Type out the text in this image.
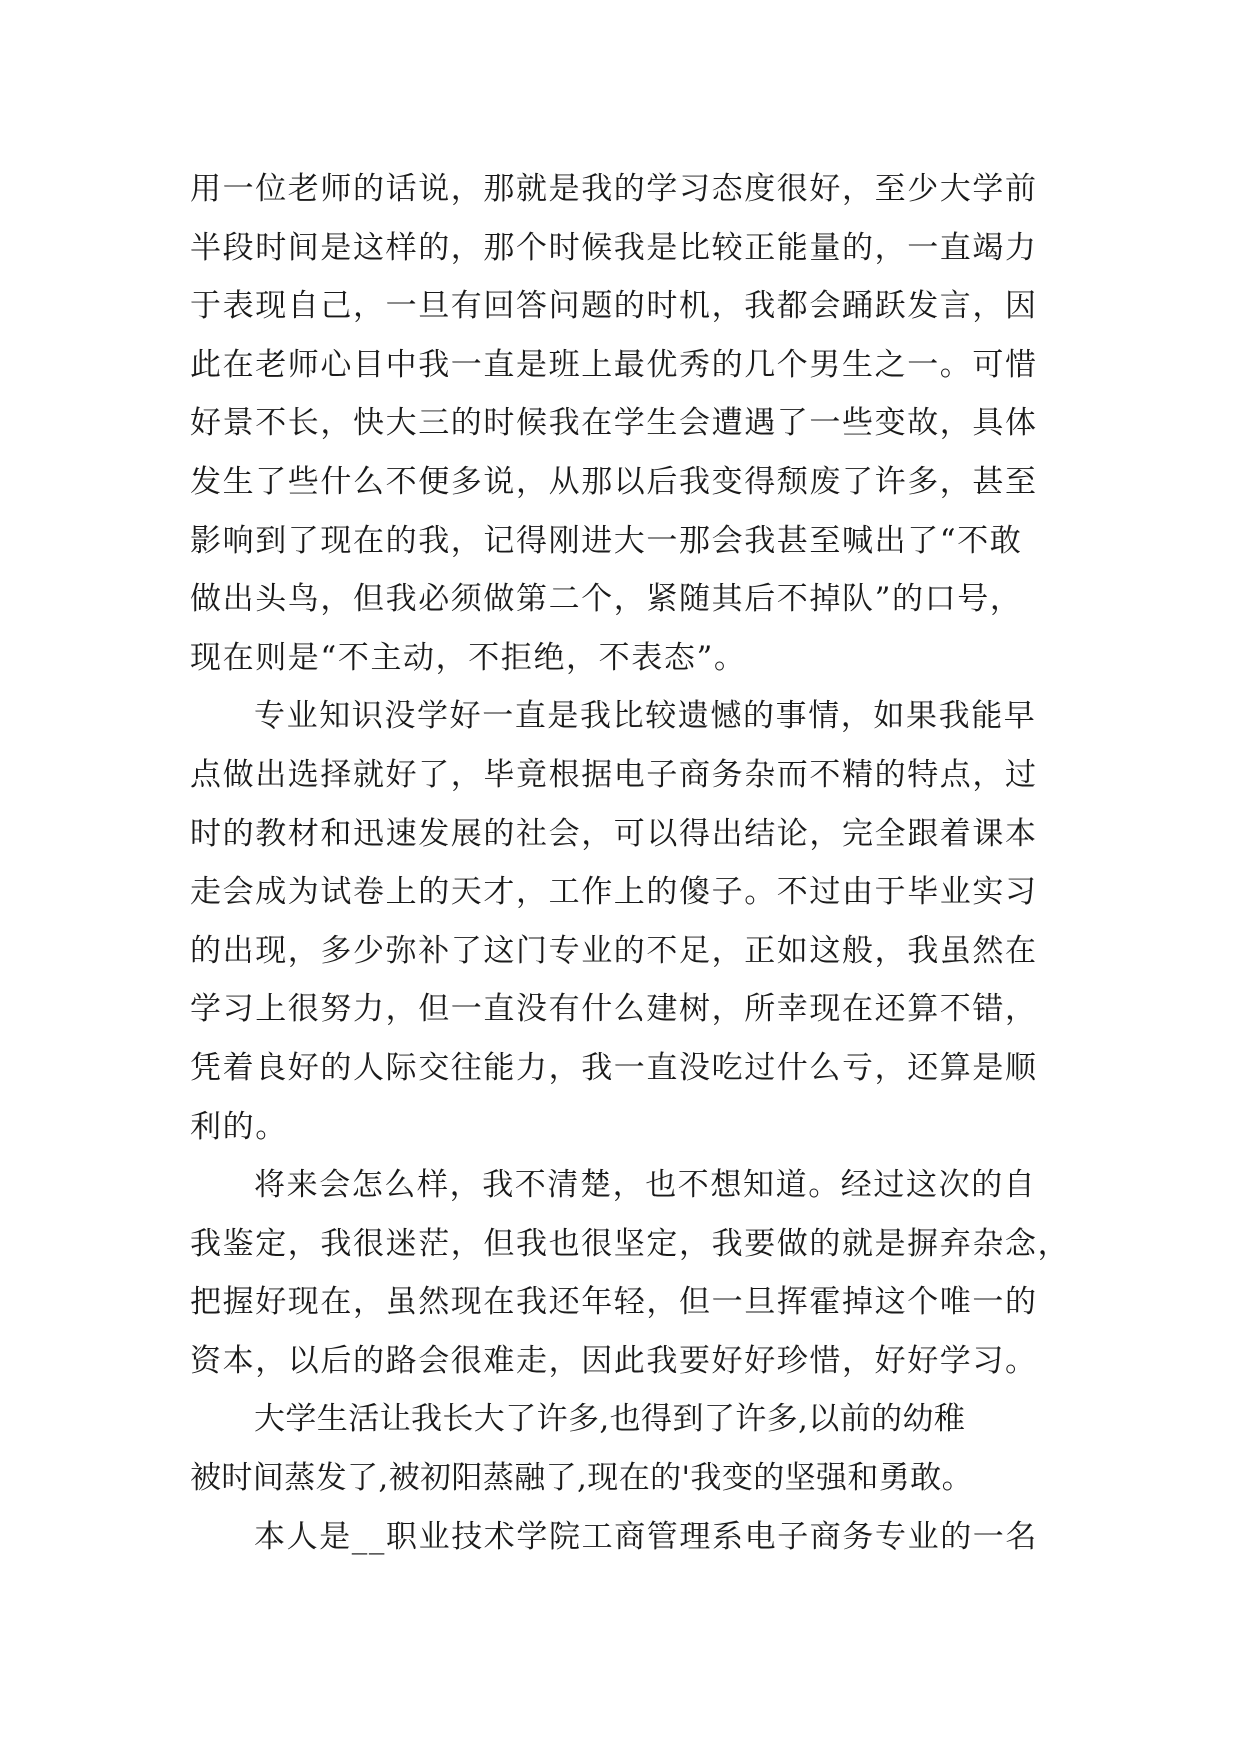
用一位老师的话说，那就是我的学习态度很好，至少大学前
半段时间是这样的，那个时候我是比较正能量的，一直竭力
于表现自己，一旦有回答问题的时机，我都会踊跃发言，因
此在老师心目中我一直是班上最优秀的几个男生之一。可惜
好景不长，快大三的时候我在学生会遭遇了一些变故，具体
发生了些什么不便多说，从那以后我变得颓废了许多，甚至
影响到了现在的我，记得刚进大一那会我甚至喊出了“不敢
做出头鸟，但我必须做第二个，紧随其后不掉队”的口号，
现在则是“不主动，不拒绝，不表态”。
专业知识没学好一直是我比较遗憾的事情，如果我能早
点做出选择就好了，毕竟根据电子商务杂而不精的特点，过
时的教材和迅速发展的社会，可以得出结论，完全跟着课本
走会成为试卷上的天才，工作上的傻子。不过由于毕业实习
的出现，多少弥补了这门专业的不足，正如这般，我虽然在
学习上很努力，但一直没有什么建树，所幸现在还算不错，
凭着良好的人际交往能力，我一直没吃过什么亏，还算是顺
利的。
将来会怎么样，我不清楚，也不想知道。经过这次的自
我鉴定，我很迷茫，但我也很坚定，我要做的就是摒弃杂念，
把握好现在，虽然现在我还年轻，但一旦挥霍掉这个唯一的
资本，以后的路会很难走，因此我要好好珍惜，好好学习。
大学生活让我长大了许多,也得到了许多,以前的幼稚
被时间蒸发了,被初阳蒸融了,现在的'我变的坚强和勇敢。
本人是__职业技术学院工商管理系电子商务专业的一名
